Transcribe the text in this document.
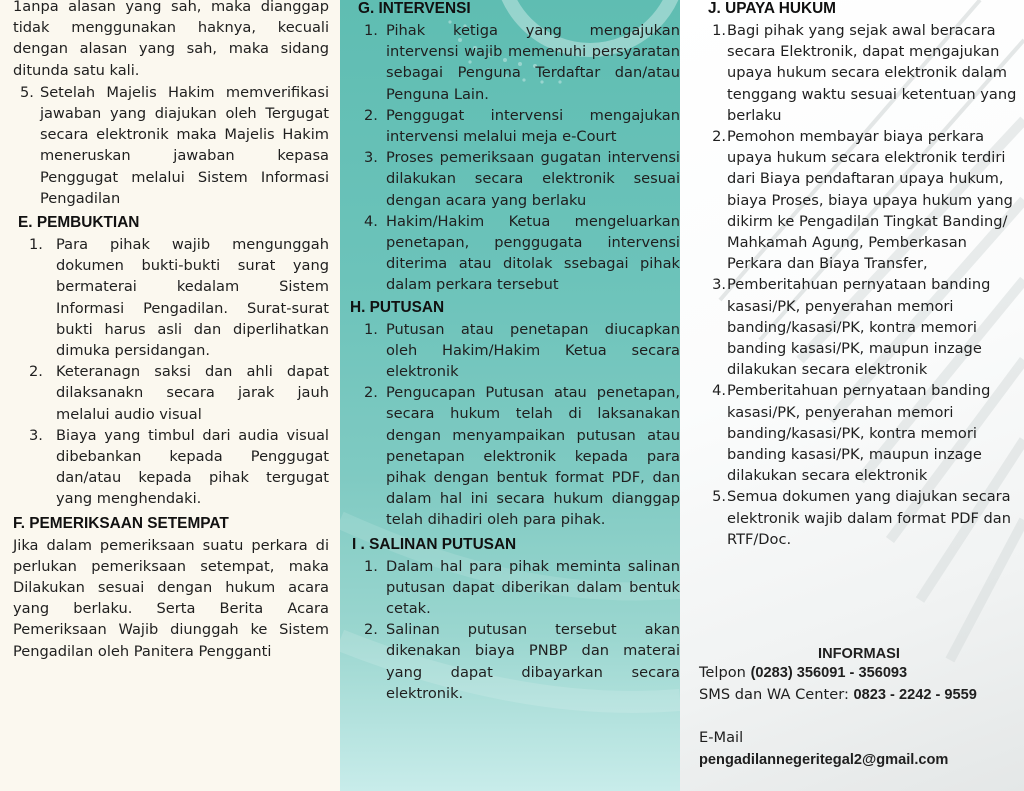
1anpa alasan yang sah, maka dianggap tidak menggunakan haknya, kecuali dengan alasan yang sah, maka sidang ditunda satu kali.

5. Setelah Majelis Hakim memverifikasi jawaban yang diajukan oleh Tergugat secara elektronik maka Majelis Hakim meneruskan jawaban kepasa Penggugat melalui Sistem Informasi Pengadilan
E. PEMBUKTIAN
1. Para pihak wajib mengunggah dokumen bukti-bukti surat yang bermaterai kedalam Sistem Informasi Pengadilan. Surat-surat bukti harus asli dan diperlihatkan dimuka persidangan.
2. Keteranagn saksi dan ahli dapat dilaksanakn secara jarak jauh melalui audio visual
3. Biaya yang timbul dari audia visual dibebankan kepada Penggugat dan/atau kepada pihak tergugat yang menghendaki.
F. PEMERIKSAAN SETEMPAT

Jika dalam pemeriksaan suatu perkara di perlukan pemeriksaan setempat, maka Dilakukan sesuai dengan hukum acara yang berlaku. Serta Berita Acara Pemeriksaan Wajib diunggah ke Sistem Pengadilan oleh Panitera Pengganti

G. INTERVENSI
1. Pihak ketiga yang mengajukan intervensi wajib memenuhi persyaratan sebagai Penguna Terdaftar dan/atau Penguna Lain.
2. Penggugat intervensi mengajukan intervensi melalui meja e-Court
3. Proses pemeriksaan gugatan intervensi dilakukan secara elektronik sesuai dengan acara yang berlaku
4. Hakim/Hakim Ketua mengeluarkan penetapan, penggugata intervensi diterima atau ditolak ssebagai pihak dalam perkara tersebut
H. PUTUSAN
1. Putusan atau penetapan diucapkan oleh Hakim/Hakim Ketua secara elektronik
2. Pengucapan Putusan atau penetapan, secara hukum telah di laksanakan dengan menyampaikan putusan atau penetapan elektronik kepada para pihak dengan bentuk format PDF, dan dalam hal ini secara hukum dianggap telah dihadiri oleh para pihak.
I . SALINAN PUTUSAN
1. Dalam hal para pihak meminta salinan putusan dapat diberikan dalam bentuk cetak.
2. Salinan putusan tersebut akan dikenakan biaya PNBP dan materai yang dapat dibayarkan secara elektronik.
J. UPAYA HUKUM
1. Bagi pihak yang sejak awal beracara secara Elektronik, dapat mengajukan upaya hukum secara elektronik dalam tenggang waktu sesuai ketentuan yang berlaku
2. Pemohon membayar biaya perkara upaya hukum secara elektronik terdiri dari Biaya pendaftaran upaya hukum, biaya Proses, biaya upaya hukum yang dikirm ke Pengadilan Tingkat Banding/ Mahkamah Agung, Pemberkasan Perkara dan Biaya Transfer,
3. Pemberitahuan pernyataan banding kasasi/PK, penyerahan memori banding/kasasi/PK, kontra memori banding kasasi/PK, maupun inzage dilakukan secara elektronik
4. Pemberitahuan pernyataan banding kasasi/PK, penyerahan memori banding/kasasi/PK, kontra memori banding kasasi/PK, maupun inzage dilakukan secara elektronik
5. Semua dokumen yang diajukan secara elektronik wajib dalam format PDF dan RTF/Doc.
INFORMASI

Telpon (0283) 356091 - 356093

SMS dan WA Center: 0823 - 2242 - 9559

E-Mail

pengadilannegeritegal2@gmail.com
